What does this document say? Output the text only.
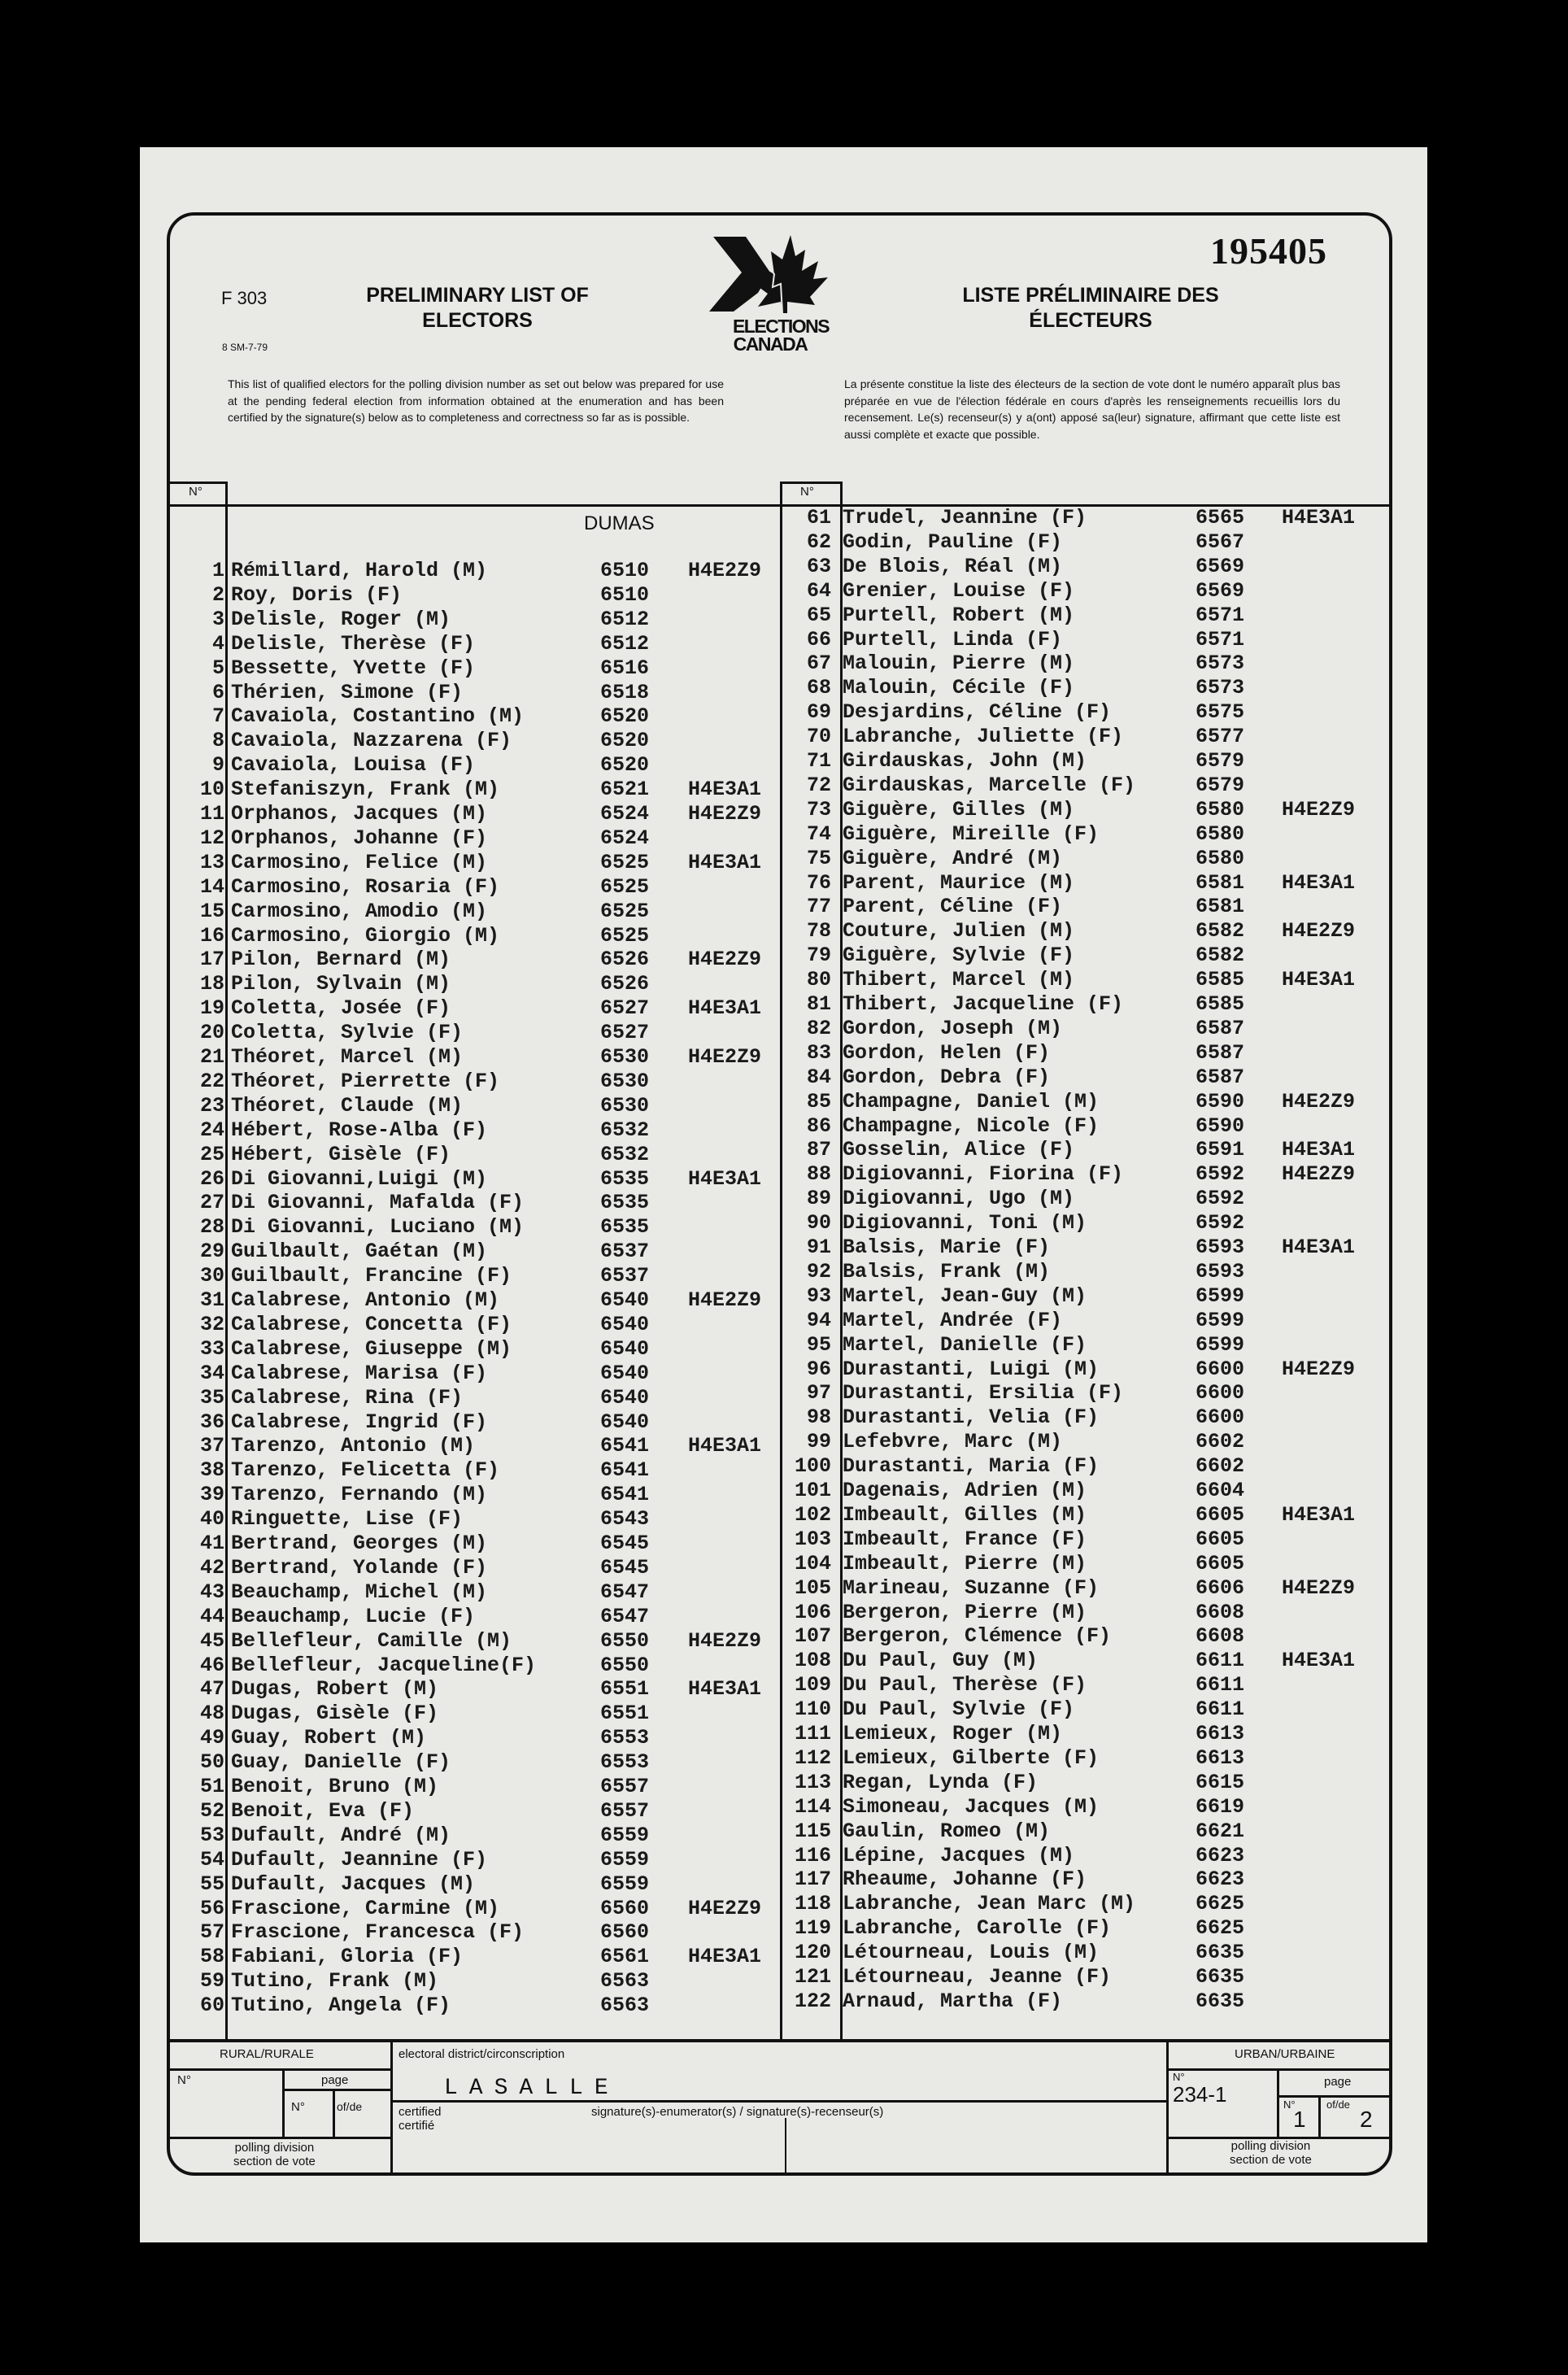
195405
F 303
8 SM-7-79
PRELIMINARY LIST OF
ELECTORS
LISTE PRÉLIMINAIRE DES
ÉLECTEURS
ELECTIONS
CANADA
This list of qualified electors for the polling division number as set out below was prepared for use at the pending federal election from information obtained at the enumeration and has been certified by the signature(s) below as to completeness and correctness so far as is possible.
La présente constitue la liste des électeurs de la section de vote dont le numéro apparaît plus bas préparée en vue de l'élection fédérale en cours d'après les renseignements recueillis lors du recensement. Le(s) recenseur(s) y a(ont) apposé sa(leur) signature, affirmant que cette liste est aussi complète et exacte que possible.
N°	N°
DUMAS
1 Rémillard, Harold (M)	6510 H4E2Z9
2 Roy, Doris (F)	6510
3 Delisle, Roger (M)	6512
4 Delisle, Therèse (F)	6512
5 Bessette, Yvette (F)	6516
6 Thérien, Simone (F)	6518
7 Cavaiola, Costantino (M)	6520
8 Cavaiola, Nazzarena (F)	6520
9 Cavaiola, Louisa (F)	6520
10 Stefaniszyn, Frank (M)	6521 H4E3A1
11 Orphanos, Jacques (M)	6524 H4E2Z9
12 Orphanos, Johanne (F)	6524
13 Carmosino, Felice (M)	6525 H4E3A1
14 Carmosino, Rosaria (F)	6525
15 Carmosino, Amodio (M)	6525
16 Carmosino, Giorgio (M)	6525
17 Pilon, Bernard (M)	6526 H4E2Z9
18 Pilon, Sylvain (M)	6526
19 Coletta, Josée (F)	6527 H4E3A1
20 Coletta, Sylvie (F)	6527
21 Théoret, Marcel (M)	6530 H4E2Z9
22 Théoret, Pierrette (F)	6530
23 Théoret, Claude (M)	6530
24 Hébert, Rose-Alba (F)	6532
25 Hébert, Gisèle (F)	6532
26 Di Giovanni,Luigi (M)	6535 H4E3A1
27 Di Giovanni, Mafalda (F)	6535
28 Di Giovanni, Luciano (M)	6535
29 Guilbault, Gaétan (M)	6537
30 Guilbault, Francine (F)	6537
31 Calabrese, Antonio (M)	6540 H4E2Z9
32 Calabrese, Concetta (F)	6540
33 Calabrese, Giuseppe (M)	6540
34 Calabrese, Marisa (F)	6540
35 Calabrese, Rina (F)	6540
36 Calabrese, Ingrid (F)	6540
37 Tarenzo, Antonio (M)	6541 H4E3A1
38 Tarenzo, Felicetta (F)	6541
39 Tarenzo, Fernando (M)	6541
40 Ringuette, Lise (F)	6543
41 Bertrand, Georges (M)	6545
42 Bertrand, Yolande (F)	6545
43 Beauchamp, Michel (M)	6547
44 Beauchamp, Lucie (F)	6547
45 Bellefleur, Camille (M)	6550 H4E2Z9
46 Bellefleur, Jacqueline(F)	6550
47 Dugas, Robert (M)	6551 H4E3A1
48 Dugas, Gisèle (F)	6551
49 Guay, Robert (M)	6553
50 Guay, Danielle (F)	6553
51 Benoit, Bruno (M)	6557
52 Benoit, Eva (F)	6557
53 Dufault, André (M)	6559
54 Dufault, Jeannine (F)	6559
55 Dufault, Jacques (M)	6559
56 Frascione, Carmine (M)	6560 H4E2Z9
57 Frascione, Francesca (F)	6560
58 Fabiani, Gloria (F)	6561 H4E3A1
59 Tutino, Frank (M)	6563
60 Tutino, Angela (F)	6563
61 Trudel, Jeannine (F)	6565 H4E3A1
62 Godin, Pauline (F)	6567
63 De Blois, Réal (M)	6569
64 Grenier, Louise (F)	6569
65 Purtell, Robert (M)	6571
66 Purtell, Linda (F)	6571
67 Malouin, Pierre (M)	6573
68 Malouin, Cécile (F)	6573
69 Desjardins, Céline (F)	6575
70 Labranche, Juliette (F)	6577
71 Girdauskas, John (M)	6579
72 Girdauskas, Marcelle (F)	6579
73 Giguère, Gilles (M)	6580 H4E2Z9
74 Giguère, Mireille (F)	6580
75 Giguère, André (M)	6580
76 Parent, Maurice (M)	6581 H4E3A1
77 Parent, Céline (F)	6581
78 Couture, Julien (M)	6582 H4E2Z9
79 Giguère, Sylvie (F)	6582
80 Thibert, Marcel (M)	6585 H4E3A1
81 Thibert, Jacqueline (F)	6585
82 Gordon, Joseph (M)	6587
83 Gordon, Helen (F)	6587
84 Gordon, Debra (F)	6587
85 Champagne, Daniel (M)	6590 H4E2Z9
86 Champagne, Nicole (F)	6590
87 Gosselin, Alice (F)	6591 H4E3A1
88 Digiovanni, Fiorina (F)	6592 H4E2Z9
89 Digiovanni, Ugo (M)	6592
90 Digiovanni, Toni (M)	6592
91 Balsis, Marie (F)	6593 H4E3A1
92 Balsis, Frank (M)	6593
93 Martel, Jean-Guy (M)	6599
94 Martel, Andrée (F)	6599
95 Martel, Danielle (F)	6599
96 Durastanti, Luigi (M)	6600 H4E2Z9
97 Durastanti, Ersilia (F)	6600
98 Durastanti, Velia (F)	6600
99 Lefebvre, Marc (M)	6602
100 Durastanti, Maria (F)	6602
101 Dagenais, Adrien (M)	6604
102 Imbeault, Gilles (M)	6605 H4E3A1
103 Imbeault, France (F)	6605
104 Imbeault, Pierre (M)	6605
105 Marineau, Suzanne (F)	6606 H4E2Z9
106 Bergeron, Pierre (M)	6608
107 Bergeron, Clémence (F)	6608
108 Du Paul, Guy (M)	6611 H4E3A1
109 Du Paul, Therèse (F)	6611
110 Du Paul, Sylvie (F)	6611
111 Lemieux, Roger (M)	6613
112 Lemieux, Gilberte (F)	6613
113 Regan, Lynda (F)	6615
114 Simoneau, Jacques (M)	6619
115 Gaulin, Romeo (M)	6621
116 Lépine, Jacques (M)	6623
117 Rheaume, Johanne (F)	6623
118 Labranche, Jean Marc (M)	6625
119 Labranche, Carolle (F)	6625
120 Létourneau, Louis (M)	6635
121 Létourneau, Jeanne (F)	6635
122 Arnaud, Martha (F)	6635
RURAL/RURALE
N°	page
N°	of/de
polling division
section de vote
electoral district/circonscription
LASALLE
certified
certifié
signature(s)-enumerator(s) / signature(s)-recenseur(s)
URBAN/URBAINE
N°
234-1
page
N°
1
of/de
2
polling division
section de vote
